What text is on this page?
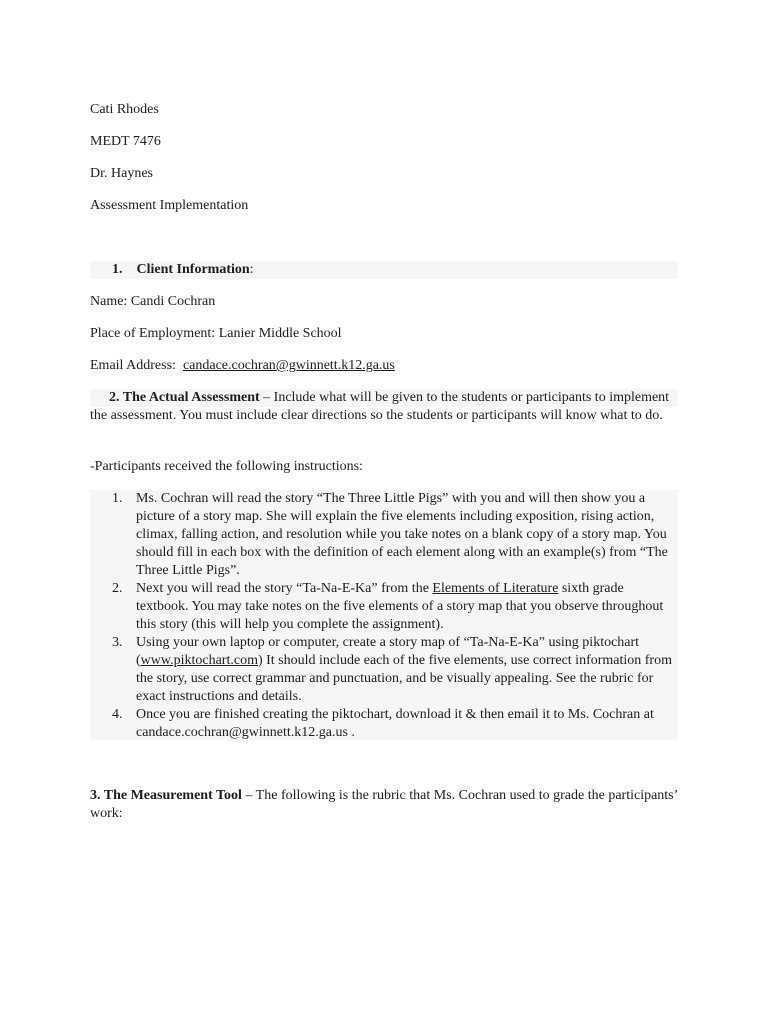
Cati Rhodes
MEDT 7476
Dr. Haynes
Assessment Implementation
1. Client Information:
Name: Candi Cochran
Place of Employment: Lanier Middle School
Email Address:  candace.cochran@gwinnett.k12.ga.us
2. The Actual Assessment – Include what will be given to the students or participants to implement the assessment. You must include clear directions so the students or participants will know what to do.
-Participants received the following instructions:
1. Ms. Cochran will read the story “The Three Little Pigs” with you and will then show you a picture of a story map. She will explain the five elements including exposition, rising action, climax, falling action, and resolution while you take notes on a blank copy of a story map. You should fill in each box with the definition of each element along with an example(s) from “The Three Little Pigs”.
2. Next you will read the story “Ta-Na-E-Ka” from the Elements of Literature sixth grade textbook. You may take notes on the five elements of a story map that you observe throughout this story (this will help you complete the assignment).
3. Using your own laptop or computer, create a story map of “Ta-Na-E-Ka” using piktochart (www.piktochart.com) It should include each of the five elements, use correct information from the story, use correct grammar and punctuation, and be visually appealing. See the rubric for exact instructions and details.
4. Once you are finished creating the piktochart, download it & then email it to Ms. Cochran at candace.cochran@gwinnett.k12.ga.us .
3. The Measurement Tool – The following is the rubric that Ms. Cochran used to grade the participants’ work:
